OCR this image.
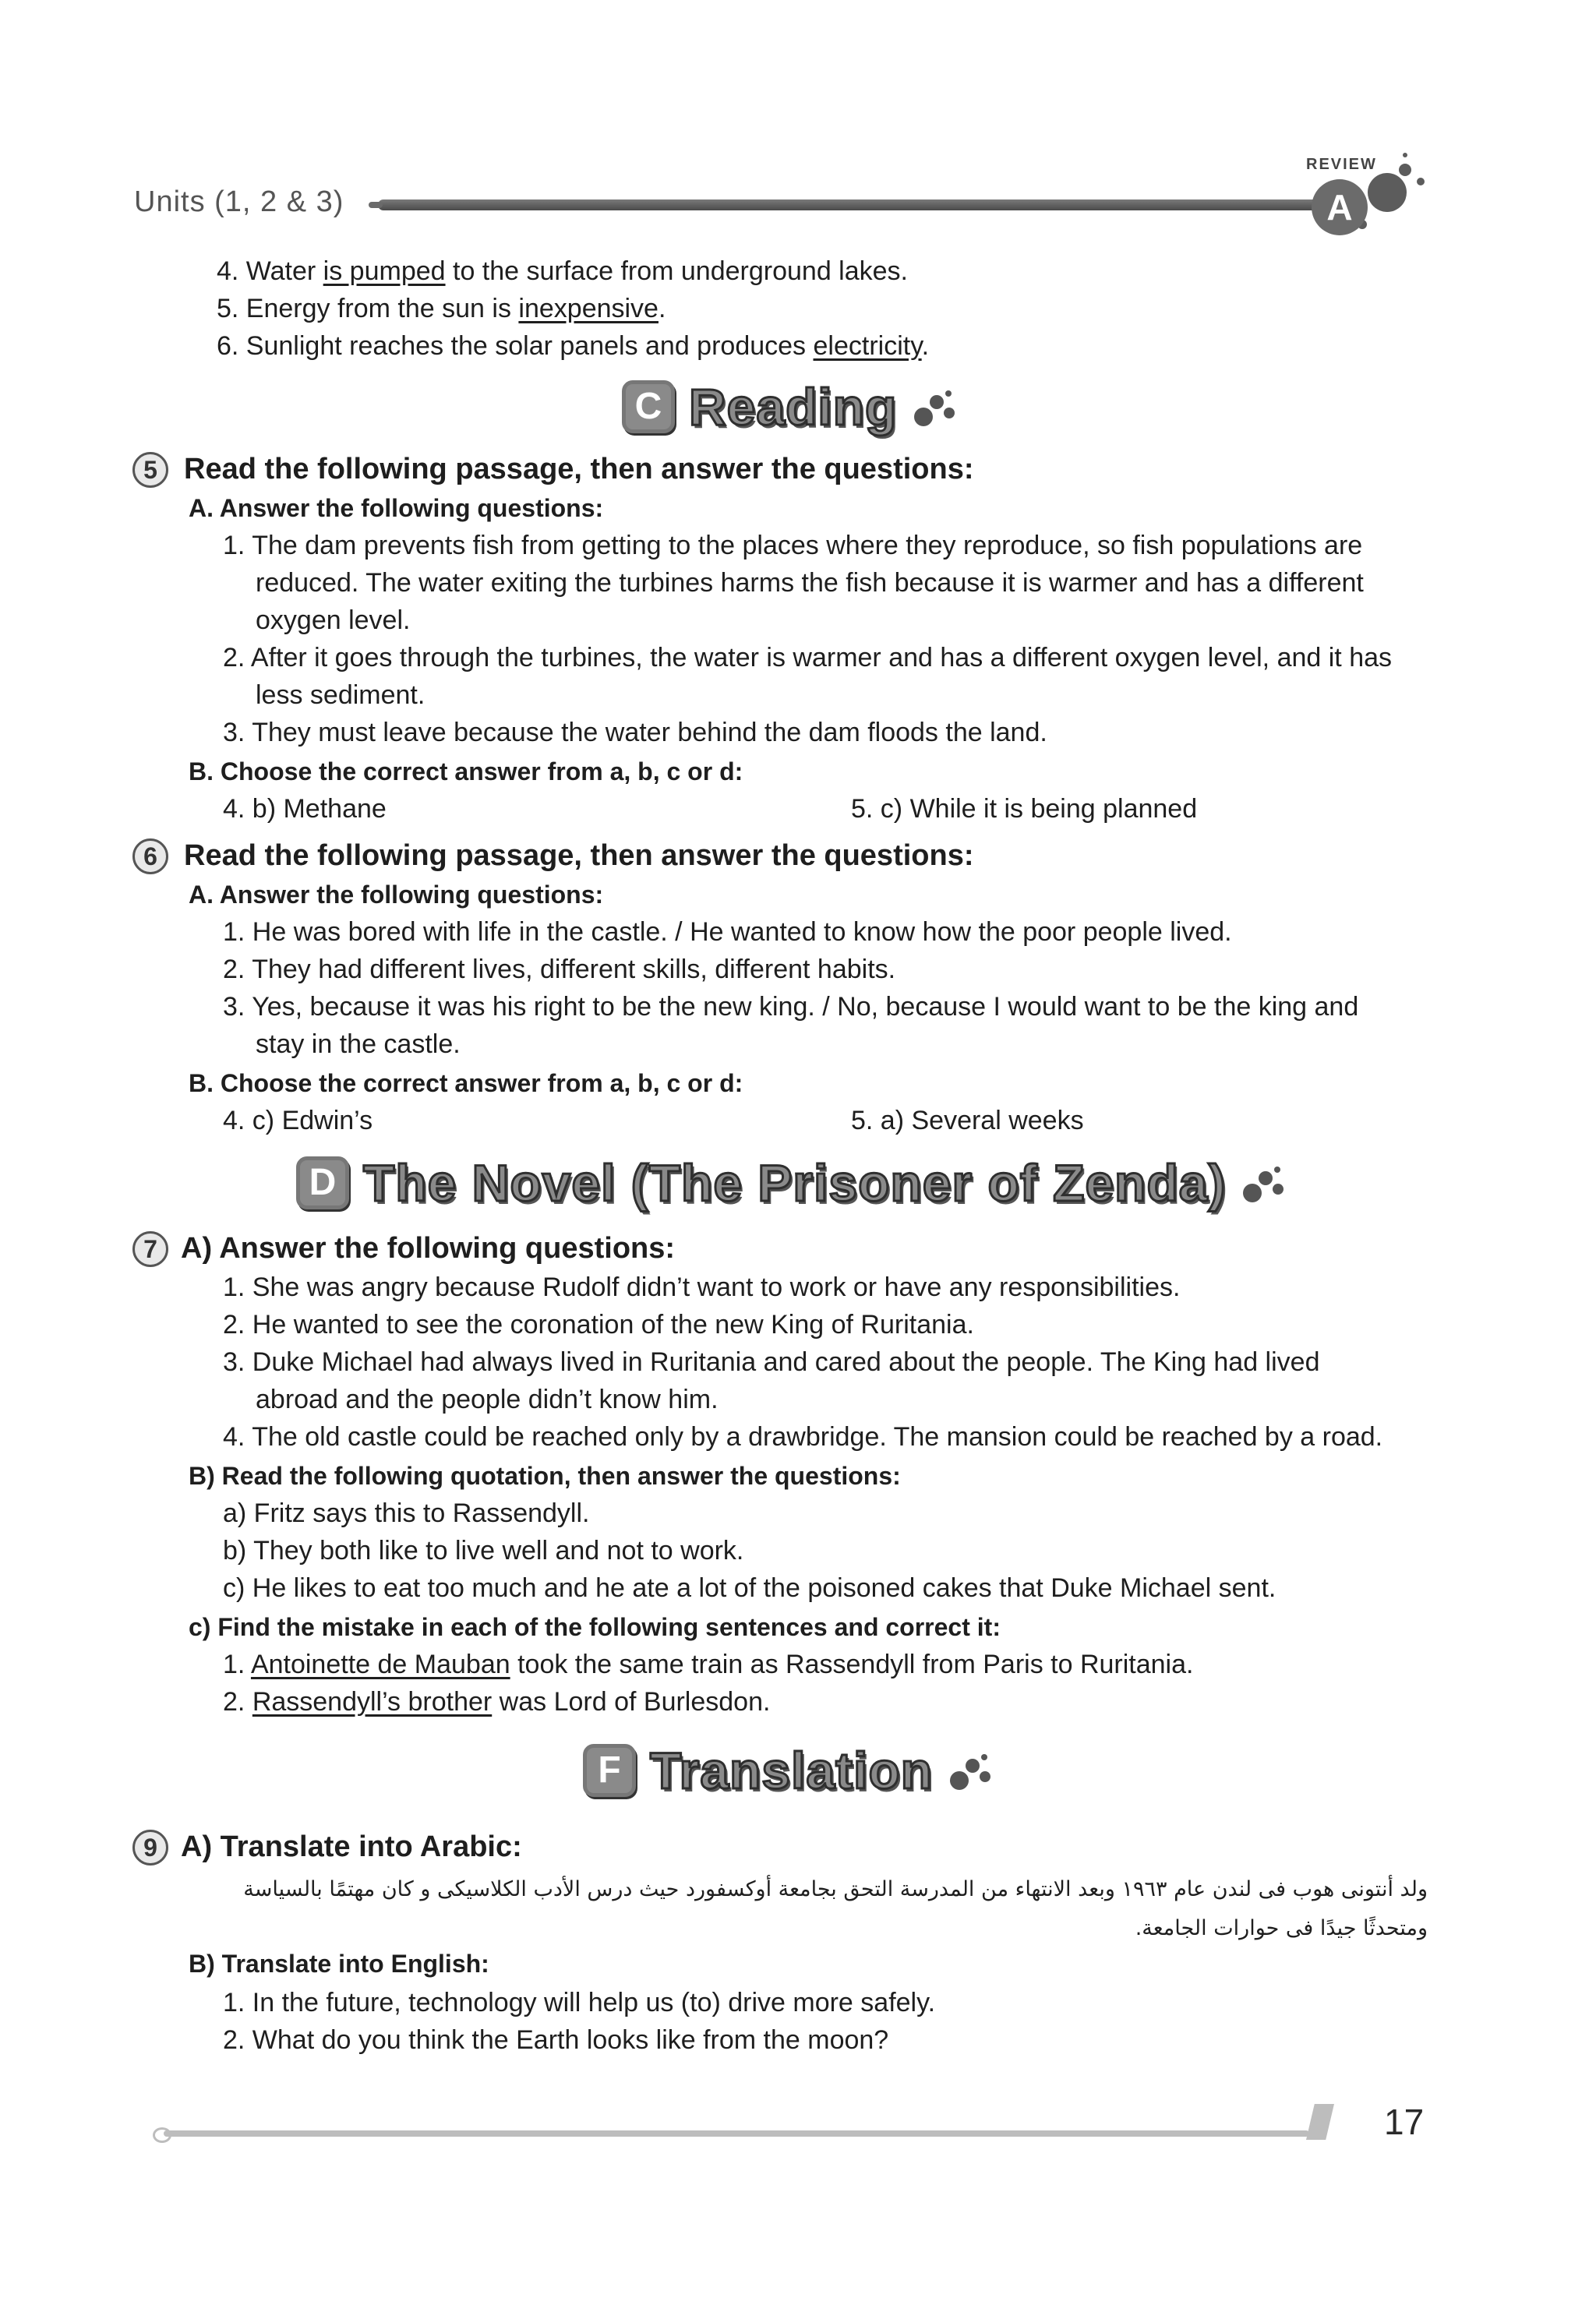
Units (1, 2 & 3)
REVIEW
A
4. Water is pumped to the surface from underground lakes.
5. Energy from the sun is inexpensive.
6. Sunlight reaches the solar panels and produces electricity.
C Reading
5 Read the following passage, then answer the questions:
A. Answer the following questions:
1. The dam prevents fish from getting to the places where they reproduce, so fish populations are
reduced. The water exiting the turbines harms the fish because it is warmer and has a different
oxygen level.
2. After it goes through the turbines, the water is warmer and has a different oxygen level, and it has
less sediment.
3. They must leave because the water behind the dam floods the land.
B. Choose the correct answer from a, b, c or d:
4. b) Methane	5. c) While it is being planned
6 Read the following passage, then answer the questions:
A. Answer the following questions:
1. He was bored with life in the castle. / He wanted to know how the poor people lived.
2. They had different lives, different skills, different habits.
3. Yes, because it was his right to be the new king. / No, because I would want to be the king and
stay in the castle.
B. Choose the correct answer from a, b, c or d:
4. c) Edwin’s	5. a) Several weeks
D The Novel (The Prisoner of Zenda)
7 A) Answer the following questions:
1. She was angry because Rudolf didn’t want to work or have any responsibilities.
2. He wanted to see the coronation of the new King of Ruritania.
3. Duke Michael had always lived in Ruritania and cared about the people. The King had lived
abroad and the people didn’t know him.
4. The old castle could be reached only by a drawbridge. The mansion could be reached by a road.
B) Read the following quotation, then answer the questions:
a) Fritz says this to Rassendyll.
b) They both like to live well and not to work.
c) He likes to eat too much and he ate a lot of the poisoned cakes that Duke Michael sent.
c) Find the mistake in each of the following sentences and correct it:
1. Antoinette de Mauban took the same train as Rassendyll from Paris to Ruritania.
2. Rassendyll’s brother was Lord of Burlesdon.
F Translation
9 A) Translate into Arabic:
ولد أنتونى هوب فى لندن عام ١٩٦٣ وبعد الانتهاء من المدرسة التحق بجامعة أوكسفورد حيث درس الأدب الكلاسيكى و كان مهتمًا بالسياسة
ومتحدثًا جيدًا فى حوارات الجامعة.
B) Translate into English:
1. In the future, technology will help us (to) drive more safely.
2. What do you think the Earth looks like from the moon?
17
